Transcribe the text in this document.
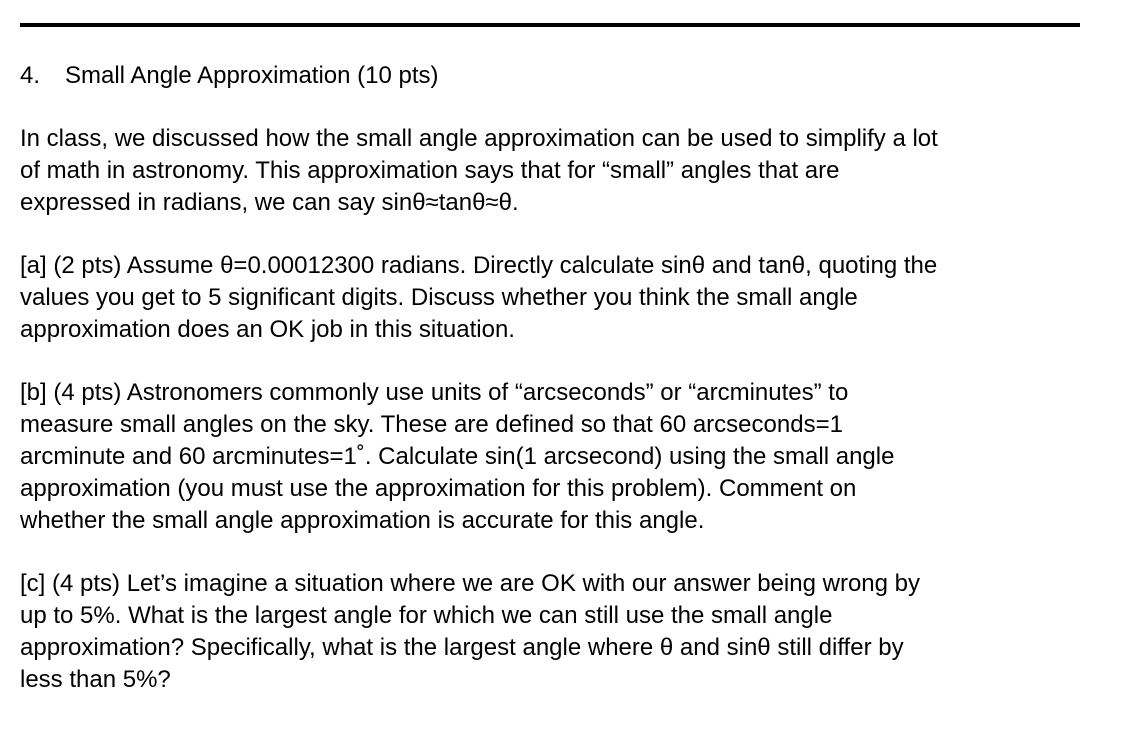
4. Small Angle Approximation (10 pts)

In class, we discussed how the small angle approximation can be used to simplify a lot
of math in astronomy. This approximation says that for “small” angles that are
expressed in radians, we can say sinθ≈tanθ≈θ.

[a] (2 pts) Assume θ=0.00012300 radians. Directly calculate sinθ and tanθ, quoting the
values you get to 5 significant digits. Discuss whether you think the small angle
approximation does an OK job in this situation.

[b] (4 pts) Astronomers commonly use units of “arcseconds” or “arcminutes” to
measure small angles on the sky. These are defined so that 60 arcseconds=1
arcminute and 60 arcminutes=1˚. Calculate sin(1 arcsecond) using the small angle
approximation (you must use the approximation for this problem). Comment on
whether the small angle approximation is accurate for this angle.

[c] (4 pts) Let’s imagine a situation where we are OK with our answer being wrong by
up to 5%. What is the largest angle for which we can still use the small angle
approximation? Specifically, what is the largest angle where θ and sinθ still differ by
less than 5%?
